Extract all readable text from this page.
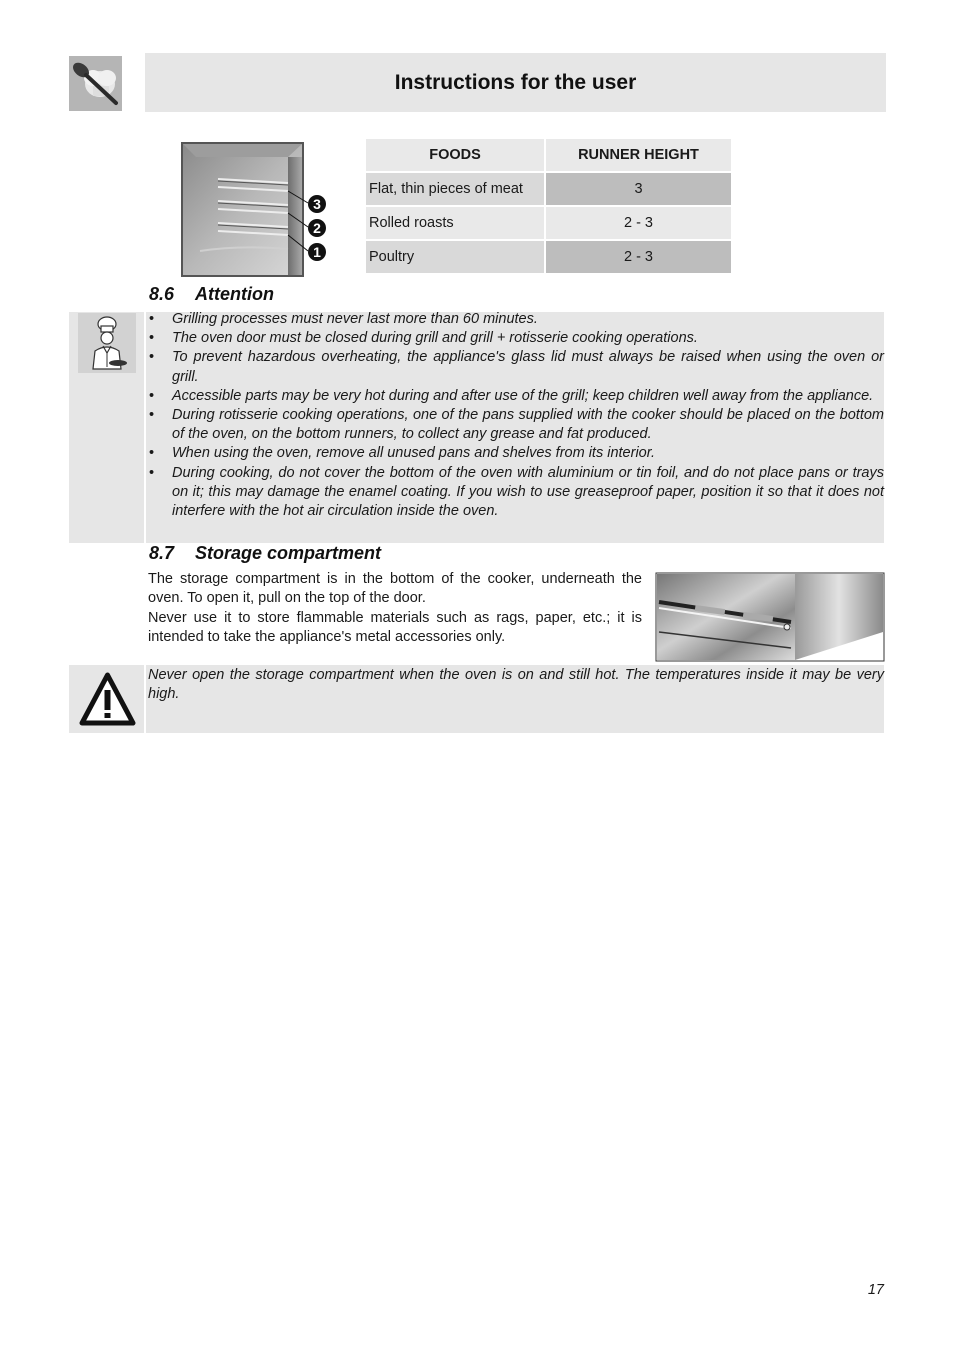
Instructions for the user
3
2
1
FOODS	RUNNER HEIGHT
Flat, thin pieces of meat	3
Rolled roasts	2 - 3
Poultry	2 - 3
8.6 Attention
• Grilling processes must never last more than 60 minutes.
• The oven door must be closed during grill and grill + rotisserie cooking operations.
• To prevent hazardous overheating, the appliance's glass lid must always be raised when using the oven or grill.
• Accessible parts may be very hot during and after use of the grill; keep children well away from the appliance.
• During rotisserie cooking operations, one of the pans supplied with the cooker should be placed on the bottom of the oven, on the bottom runners, to collect any grease and fat produced.
• When using the oven, remove all unused pans and shelves from its interior.
• During cooking, do not cover the bottom of the oven with aluminium or tin foil, and do not place pans or trays on it; this may damage the enamel coating. If you wish to use greaseproof paper, position it so that it does not interfere with the hot air circulation inside the oven.
8.7 Storage compartment

The storage compartment is in the bottom of the cooker, underneath the oven. To open it, pull on the top of the door.

Never use it to store flammable materials such as rags, paper, etc.; it is intended to take the appliance's metal accessories only.

Never open the storage compartment when the oven is on and still hot. The temperatures inside it may be very high.
17
